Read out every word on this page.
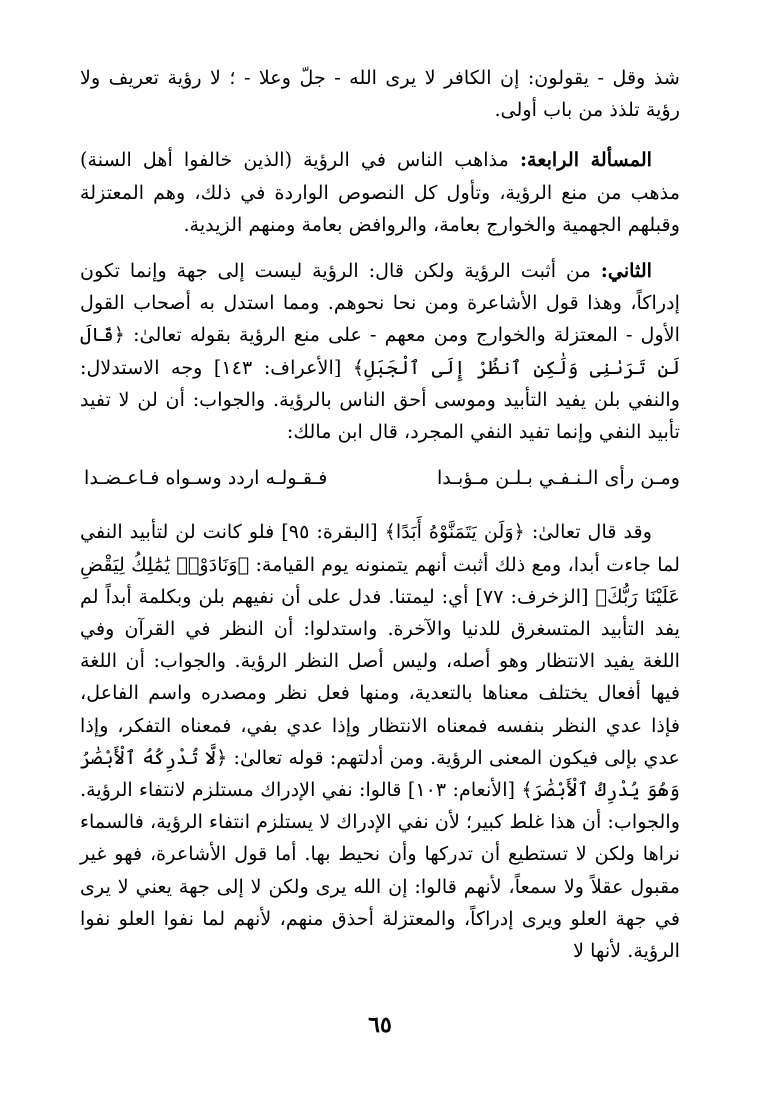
شذ وقل - يقولون: إن الكافر لا يرى الله - جلّ وعلا - ؛ لا رؤية تعريف ولا رؤية تلذذ من باب أولى.

المسألة الرابعة: مذاهب الناس في الرؤية (الذين خالفوا أهل السنة) مذهب من منع الرؤية، وتأول كل النصوص الواردة في ذلك، وهم المعتزلة وقبلهم الجهمية والخوارج بعامة، والروافض بعامة ومنهم الزيدية.

الثاني: من أثبت الرؤية ولكن قال: الرؤية ليست إلى جهة وإنما تكون إدراكاً، وهذا قول الأشاعرة ومن نحا نحوهم. ومما استدل به أصحاب القول الأول - المعتزلة والخوارج ومن معهم - على منع الرؤية بقوله تعالىٰ: ﴿قَالَ لَن تَرَىٰنِى وَلَٰكِنِ ٱنظُرْ إِلَى ٱلْجَبَلِ﴾ [الأعراف: ١٤٣] وجه الاستدلال: والنفي بلن يفيد التأبيد وموسى أحق الناس بالرؤية. والجواب: أن لن لا تفيد تأبيد النفي وإنما تفيد النفي المجرد، قال ابن مالك:

ومـن رأى الـنـفـي بـلـن مـؤبـدا
فـقـولـه اردد وسـواه فـاعـضـدا

وقد قال تعالىٰ: ﴿وَلَن يَتَمَنَّوْهُ أَبَدًا﴾ [البقرة: ٩٥] فلو كانت لن لتأبيد النفي لما جاءت أبدا، ومع ذلك أثبت أنهم يتمنونه يوم القيامة: ﴿وَنَادَوْا۟ يَٰمَٰلِكُ لِيَقْضِ عَلَيْنَا رَبُّكَ﴾ [الزخرف: ٧٧] أي: ليمتنا. فدل على أن نفيهم بلن وبكلمة أبداً لم يفد التأبيد المتسغرق للدنيا والآخرة. واستدلوا: أن النظر في القرآن وفي اللغة يفيد الانتظار وهو أصله، وليس أصل النظر الرؤية. والجواب: أن اللغة فيها أفعال يختلف معناها بالتعدية، ومنها فعل نظر ومصدره واسم الفاعل، فإذا عدي النظر بنفسه فمعناه الانتظار وإذا عدي بفي، فمعناه التفكر، وإذا عدي بإلى فيكون المعنى الرؤية. ومن أدلتهم: قوله تعالىٰ: ﴿لَّا تُدْرِكُهُ ٱلْأَبْصَٰرُ وَهُوَ يُدْرِكُ ٱلْأَبْصَٰرَ﴾ [الأنعام: ١٠٣] قالوا: نفي الإدراك مستلزم لانتفاء الرؤية. والجواب: أن هذا غلط كبير؛ لأن نفي الإدراك لا يستلزم انتفاء الرؤية، فالسماء نراها ولكن لا تستطيع أن تدركها وأن نحيط بها. أما قول الأشاعرة، فهو غير مقبول عقلاً ولا سمعاً، لأنهم قالوا: إن الله يرى ولكن لا إلى جهة يعني لا يرى في جهة العلو ويرى إدراكاً، والمعتزلة أحذق منهم، لأنهم لما نفوا العلو نفوا الرؤية. لأنها لا

٦٥
